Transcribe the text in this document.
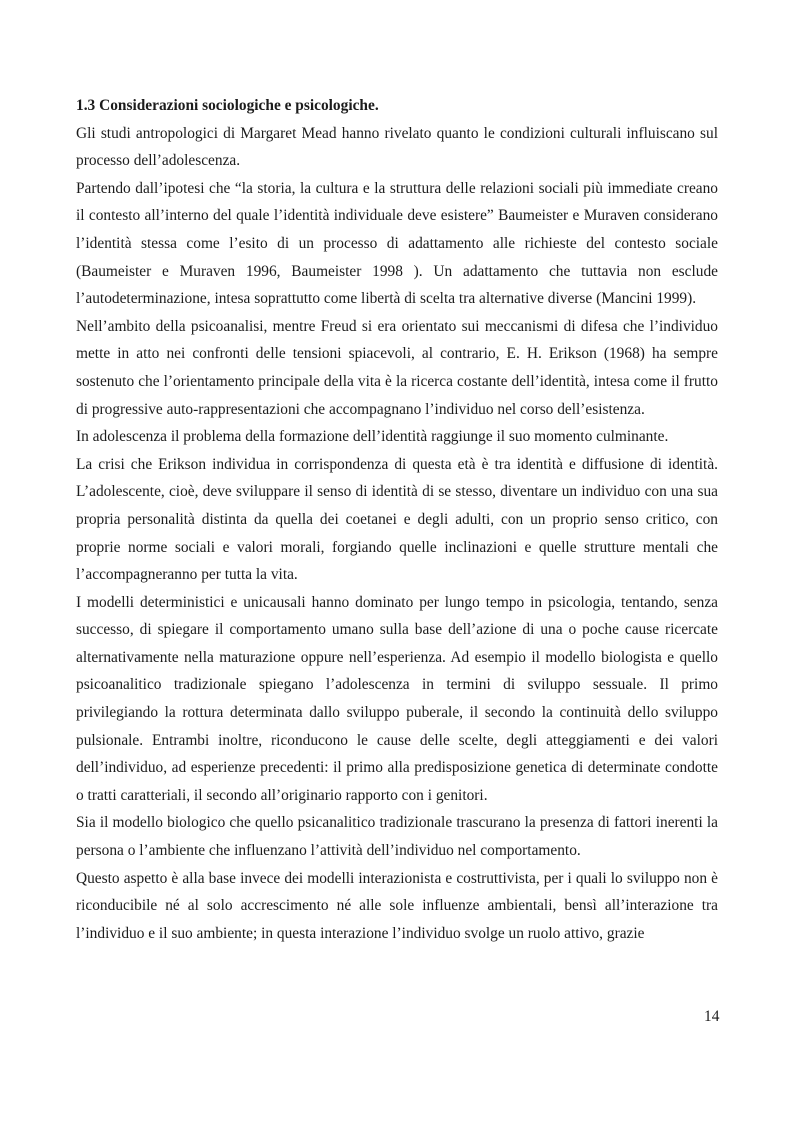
1.3 Considerazioni sociologiche e psicologiche.

Gli studi antropologici di Margaret Mead hanno rivelato quanto le condizioni culturali influiscano sul processo dell’adolescenza.

Partendo dall’ipotesi che “la storia, la cultura e la struttura delle relazioni sociali più immediate creano il contesto all’interno del quale l’identità individuale deve esistere” Baumeister e Muraven considerano l’identità stessa come l’esito di un processo di adattamento alle richieste del contesto sociale (Baumeister e Muraven 1996, Baumeister 1998 ). Un adattamento che tuttavia non esclude l’autodeterminazione, intesa soprattutto come libertà di scelta tra alternative diverse (Mancini 1999).

Nell’ambito della psicoanalisi, mentre Freud si era orientato sui meccanismi di difesa che l’individuo mette in atto nei confronti delle tensioni spiacevoli, al contrario, E. H. Erikson (1968) ha sempre sostenuto che l’orientamento principale della vita è la ricerca costante dell’identità, intesa come il frutto di progressive auto-rappresentazioni che accompagnano l’individuo nel corso dell’esistenza.

In adolescenza il problema della formazione dell’identità raggiunge il suo momento culminante.

La crisi che Erikson individua in corrispondenza di questa età è tra identità e diffusione di identità. L’adolescente, cioè, deve sviluppare il senso di identità di se stesso, diventare un individuo con una sua propria personalità distinta da quella dei coetanei e degli adulti, con un proprio senso critico, con proprie norme sociali e valori morali, forgiando quelle inclinazioni e quelle strutture mentali che l’accompagneranno per tutta la vita.

I modelli deterministici e unicausali hanno dominato per lungo tempo in psicologia, tentando, senza successo, di spiegare il comportamento umano sulla base dell’azione di una o poche cause ricercate alternativamente nella maturazione oppure nell’esperienza. Ad esempio il modello biologista e quello psicoanalitico tradizionale spiegano l’adolescenza in termini di sviluppo sessuale. Il primo privilegiando la rottura determinata dallo sviluppo puberale, il secondo la continuità dello sviluppo pulsionale. Entrambi inoltre, riconducono le cause delle scelte, degli atteggiamenti e dei valori dell’individuo, ad esperienze precedenti: il primo alla predisposizione genetica di determinate condotte o tratti caratteriali, il secondo all’originario rapporto con i genitori.

Sia il modello biologico che quello psicanalitico tradizionale trascurano la presenza di fattori inerenti la persona o l’ambiente che influenzano l’attività dell’individuo nel comportamento.

Questo aspetto è alla base invece dei modelli interazionista e costruttivista, per i quali lo sviluppo non è riconducibile né al solo accrescimento né alle sole influenze ambientali, bensì all’interazione tra l’individuo e il suo ambiente; in questa interazione l’individuo svolge un ruolo attivo, grazie

14
